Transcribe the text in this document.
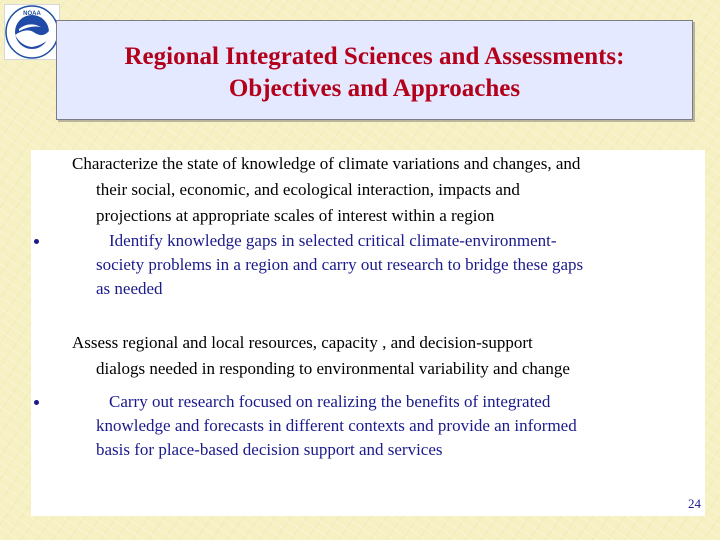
NOAA
Regional Integrated Sciences and Assessments:
Objectives and Approaches
Characterize the state of knowledge of climate variations and changes, and
their social, economic, and ecological interaction, impacts and
projections at appropriate scales of interest within a region
Identify knowledge gaps in selected critical climate-environment-
society problems in a region and carry out research to bridge these gaps
as needed
Assess regional and local resources, capacity , and decision-support
dialogs needed in responding to environmental variability and change
Carry out research focused on realizing the benefits of integrated
knowledge and forecasts in different contexts and provide an informed
basis for place-based decision support and services
24
